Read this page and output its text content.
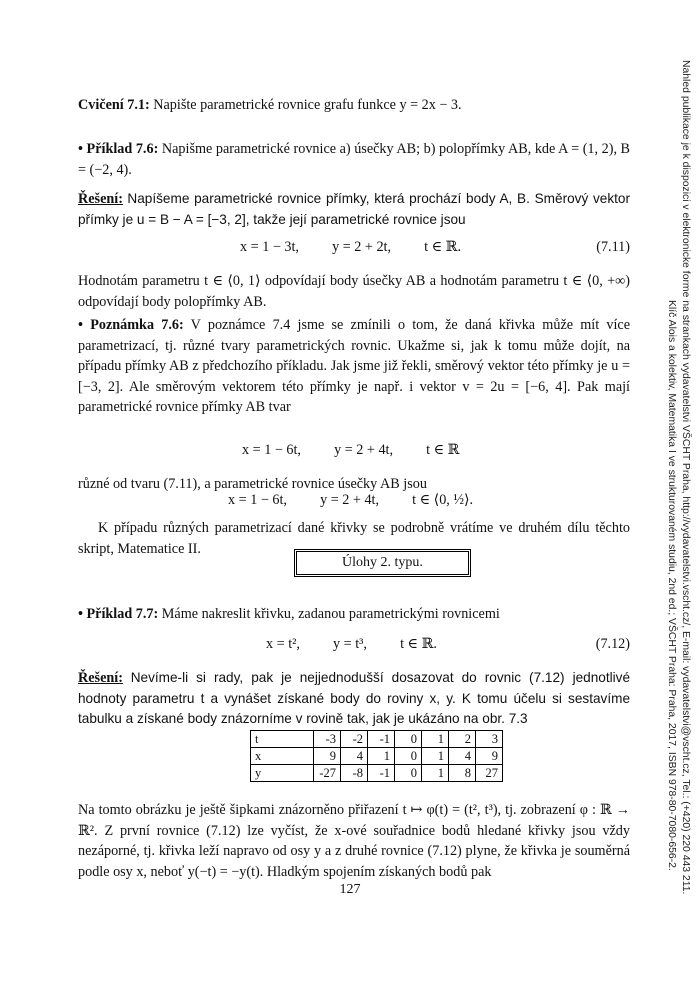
Nahled publikace je k dispozici v elektronicke forme na strankach vydavatelstvi VŠCHT Praha, http://vydavatelstvi.vscht.cz/, E-mail: vydavatelstvi@vscht.cz, Tel.: (+420) 220 443 211.
Klíč Alois a kolektiv, Matematika I ve strukturovaném studiu, 2nd ed.; VŠCHT Praha: Praha, 2017, ISBN 978-80-7080-656-2.
Cvičení 7.1: Napište parametrické rovnice grafu funkce y = 2x − 3.
• Příklad 7.6: Napišme parametrické rovnice a) úsečky AB; b) polopřímky AB, kde A = (1, 2), B = (−2, 4).
Řešení: Napíšeme parametrické rovnice přímky, která prochází body A, B. Směrový vektor přímky je u = B − A = [−3, 2], takže její parametrické rovnice jsou
x = 1 − 3t, y = 2 + 2t, t ∈ ℝ.	(7.11)
Hodnotám parametru t ∈ ⟨0, 1⟩ odpovídají body úsečky AB a hodnotám parametru t ∈ ⟨0, +∞) odpovídají body polopřímky AB.
• Poznámka 7.6: V poznámce 7.4 jsme se zmínili o tom, že daná křivka může mít více parametrizací, tj. různé tvary parametrických rovnic. Ukažme si, jak k tomu může dojít, na případu přímky AB z předchozího příkladu. Jak jsme již řekli, směrový vektor této přímky je u = [−3, 2]. Ale směrovým vektorem této přímky je např. i vektor v = 2u = [−6, 4]. Pak mají parametrické rovnice přímky AB tvar
x = 1 − 6t, y = 2 + 4t, t ∈ ℝ
různé od tvaru (7.11), a parametrické rovnice úsečky AB jsou
x = 1 − 6t, y = 2 + 4t, t ∈ ⟨0, ½⟩.
K případu různých parametrizací dané křivky se podrobně vrátíme ve druhém dílu těchto skript, Matematice II.
Úlohy 2. typu.
• Příklad 7.7: Máme nakreslit křivku, zadanou parametrickými rovnicemi
x = t², y = t³, t ∈ ℝ.	(7.12)
Řešení: Nevíme-li si rady, pak je nejjednodušší dosazovat do rovnic (7.12) jednotlivé hodnoty parametru t a vynášet získané body do roviny x, y. K tomu účelu si sestavíme tabulku a získané body znázorníme v rovině tak, jak je ukázáno na obr. 7.3
t	-3	-2	-1	0	1	2	3
x	9	4	1	0	1	4	9
y	-27	-8	-1	0	1	8	27
Na tomto obrázku je ještě šipkami znázorněno přiřazení t ↦ φ(t) = (t², t³), tj. zobrazení φ : ℝ → ℝ². Z první rovnice (7.12) lze vyčíst, že x-ové souřadnice bodů hledané křivky jsou vždy nezáporné, tj. křivka leží napravo od osy y a z druhé rovnice (7.12) plyne, že křivka je souměrná podle osy x, neboť y(−t) = −y(t). Hladkým spojením získaných bodů pak
127
